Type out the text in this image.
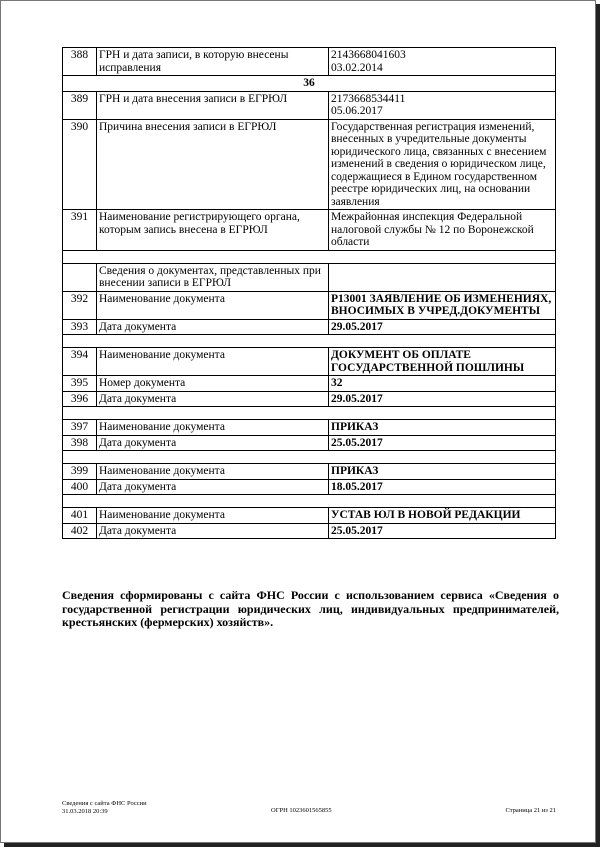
388	ГРН и дата записи, в которую внесены исправления	2143668041603
03.02.2014

36		
389	ГРН и дата внесения записи в ЕГРЮЛ	2173668534411
05.06.2017

390	Причина внесения записи в ЕГРЮЛ	Государственная регистрация изменений, внесенных в учредительные документы юридического лица, связанных с внесением изменений в сведения о юридическом лице, содержащиеся в Едином государственном реестре юридических лиц, на основании заявления
391	Наименование регистрирующего органа, которым запись внесена в ЕГРЮЛ	Межрайонная инспекция Федеральной налоговой службы № 12 по Воронежской области

	Сведения о документах, представленных при внесении записи в ЕГРЮЛ	
392	Наименование документа	Р13001 ЗАЯВЛЕНИЕ ОБ ИЗМЕНЕНИЯХ, ВНОСИМЫХ В УЧРЕД.ДОКУМЕНТЫ
393	Дата документа	29.05.2017

394	Наименование документа	ДОКУМЕНТ ОБ ОПЛАТЕ ГОСУДАРСТВЕННОЙ ПОШЛИНЫ
395	Номер документа	32
396	Дата документа	29.05.2017

397	Наименование документа	ПРИКАЗ
398	Дата документа	25.05.2017

399	Наименование документа	ПРИКАЗ
400	Дата документа	18.05.2017

401	Наименование документа	УСТАВ ЮЛ В НОВОЙ РЕДАКЦИИ
402	Дата документа	25.05.2017
Сведения сформированы с сайта ФНС России с использованием сервиса «Сведения о государственной регистрации юридических лиц, индивидуальных предпринимателей, крестьянских (фермерских) хозяйств».
Сведения с сайта ФНС России
31.03.2018 20:39	ОГРН 1023601565855	Страница 21 из 21
